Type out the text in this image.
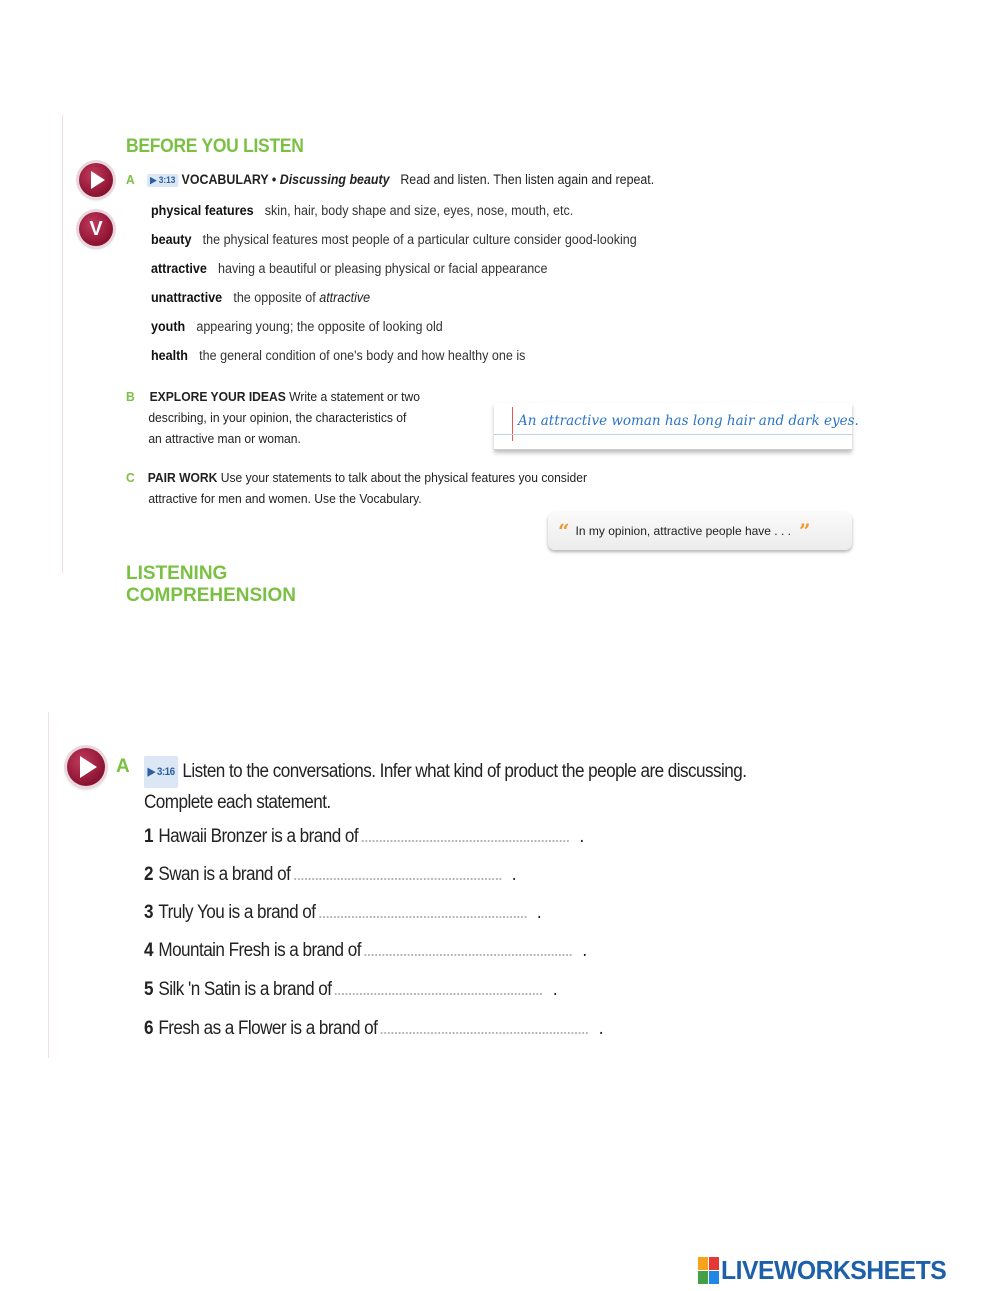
BEFORE YOU LISTEN
V
A ▶ 3:13 VOCABULARY • Discussing beauty Read and listen. Then listen again and repeat.
physical features skin, hair, body shape and size, eyes, nose, mouth, etc.
beauty the physical features most people of a particular culture consider good-looking
attractive having a beautiful or pleasing physical or facial appearance
unattractive the opposite of attractive
youth appearing young; the opposite of looking old
health the general condition of one's body and how healthy one is
B EXPLORE YOUR IDEAS Write a statement or two
describing, in your opinion, the characteristics of
an attractive man or woman.
An attractive woman has long hair and dark eyes.
C PAIR WORK Use your statements to talk about the physical features you consider
attractive for men and women. Use the Vocabulary.
“ In my opinion, attractive people have . . . ”
LISTENING COMPREHENSION
A	▶ 3:16 Listen to the conversations. Infer what kind of product the people are discussing.
Complete each statement.
1 Hawaii Bronzer is a brand of	.
2 Swan is a brand of	.
3 Truly You is a brand of	.
4 Mountain Fresh is a brand of	.
5 Silk 'n Satin is a brand of	.
6 Fresh as a Flower is a brand of	.
LIVEWORKSHEETS
